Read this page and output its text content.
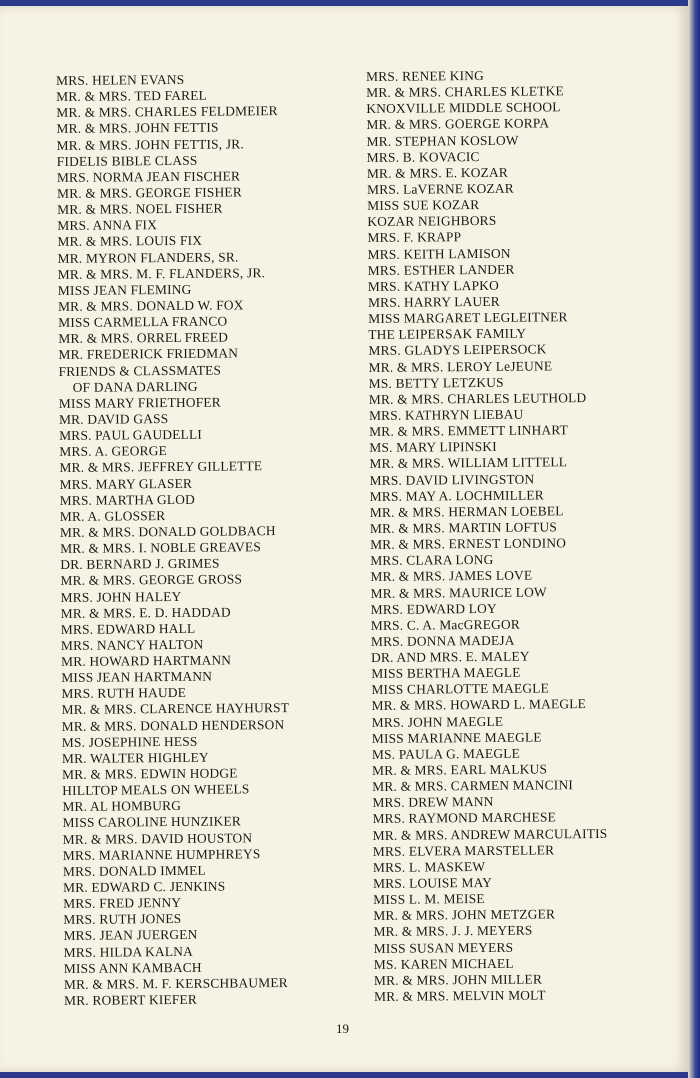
MRS. HELEN EVANS
MR. & MRS. TED FAREL
MR. & MRS. CHARLES FELDMEIER
MR. & MRS. JOHN FETTIS
MR. & MRS. JOHN FETTIS, JR.
FIDELIS BIBLE CLASS
MRS. NORMA JEAN FISCHER
MR. & MRS. GEORGE FISHER
MR. & MRS. NOEL FISHER
MRS. ANNA FIX
MR. & MRS. LOUIS FIX
MR. MYRON FLANDERS, SR.
MR. & MRS. M. F. FLANDERS, JR.
MISS JEAN FLEMING
MR. & MRS. DONALD W. FOX
MISS CARMELLA FRANCO
MR. & MRS. ORREL FREED
MR. FREDERICK FRIEDMAN
FRIENDS & CLASSMATES
OF DANA DARLING
MISS MARY FRIETHOFER
MR. DAVID GASS
MRS. PAUL GAUDELLI
MRS. A. GEORGE
MR. & MRS. JEFFREY GILLETTE
MRS. MARY GLASER
MRS. MARTHA GLOD
MR. A. GLOSSER
MR. & MRS. DONALD GOLDBACH
MR. & MRS. I. NOBLE GREAVES
DR. BERNARD J. GRIMES
MR. & MRS. GEORGE GROSS
MRS. JOHN HALEY
MR. & MRS. E. D. HADDAD
MRS. EDWARD HALL
MRS. NANCY HALTON
MR. HOWARD HARTMANN
MISS JEAN HARTMANN
MRS. RUTH HAUDE
MR. & MRS. CLARENCE HAYHURST
MR. & MRS. DONALD HENDERSON
MS. JOSEPHINE HESS
MR. WALTER HIGHLEY
MR. & MRS. EDWIN HODGE
HILLTOP MEALS ON WHEELS
MR. AL HOMBURG
MISS CAROLINE HUNZIKER
MR. & MRS. DAVID HOUSTON
MRS. MARIANNE HUMPHREYS
MRS. DONALD IMMEL
MR. EDWARD C. JENKINS
MRS. FRED JENNY
MRS. RUTH JONES
MRS. JEAN JUERGEN
MRS. HILDA KALNA
MISS ANN KAMBACH
MR. & MRS. M. F. KERSCHBAUMER
MR. ROBERT KIEFER
MRS. RENEE KING
MR. & MRS. CHARLES KLETKE
KNOXVILLE MIDDLE SCHOOL
MR. & MRS. GOERGE KORPA
MR. STEPHAN KOSLOW
MRS. B. KOVACIC
MR. & MRS. E. KOZAR
MRS. LaVERNE KOZAR
MISS SUE KOZAR
KOZAR NEIGHBORS
MRS. F. KRAPP
MRS. KEITH LAMISON
MRS. ESTHER LANDER
MRS. KATHY LAPKO
MRS. HARRY LAUER
MISS MARGARET LEGLEITNER
THE LEIPERSAK FAMILY
MRS. GLADYS LEIPERSOCK
MR. & MRS. LEROY LeJEUNE
MS. BETTY LETZKUS
MR. & MRS. CHARLES LEUTHOLD
MRS. KATHRYN LIEBAU
MR. & MRS. EMMETT LINHART
MS. MARY LIPINSKI
MR. & MRS. WILLIAM LITTELL
MRS. DAVID LIVINGSTON
MRS. MAY A. LOCHMILLER
MR. & MRS. HERMAN LOEBEL
MR. & MRS. MARTIN LOFTUS
MR. & MRS. ERNEST LONDINO
MRS. CLARA LONG
MR. & MRS. JAMES LOVE
MR. & MRS. MAURICE LOW
MRS. EDWARD LOY
MRS. C. A. MacGREGOR
MRS. DONNA MADEJA
DR. AND MRS. E. MALEY
MISS BERTHA MAEGLE
MISS CHARLOTTE MAEGLE
MR. & MRS. HOWARD L. MAEGLE
MRS. JOHN MAEGLE
MISS MARIANNE MAEGLE
MS. PAULA G. MAEGLE
MR. & MRS. EARL MALKUS
MR. & MRS. CARMEN MANCINI
MRS. DREW MANN
MRS. RAYMOND MARCHESE
MR. & MRS. ANDREW MARCULAITIS
MRS. ELVERA MARSTELLER
MRS. L. MASKEW
MRS. LOUISE MAY
MISS L. M. MEISE
MR. & MRS. JOHN METZGER
MR. & MRS. J. J. MEYERS
MISS SUSAN MEYERS
MS. KAREN MICHAEL
MR. & MRS. JOHN MILLER
MR. & MRS. MELVIN MOLT
19
